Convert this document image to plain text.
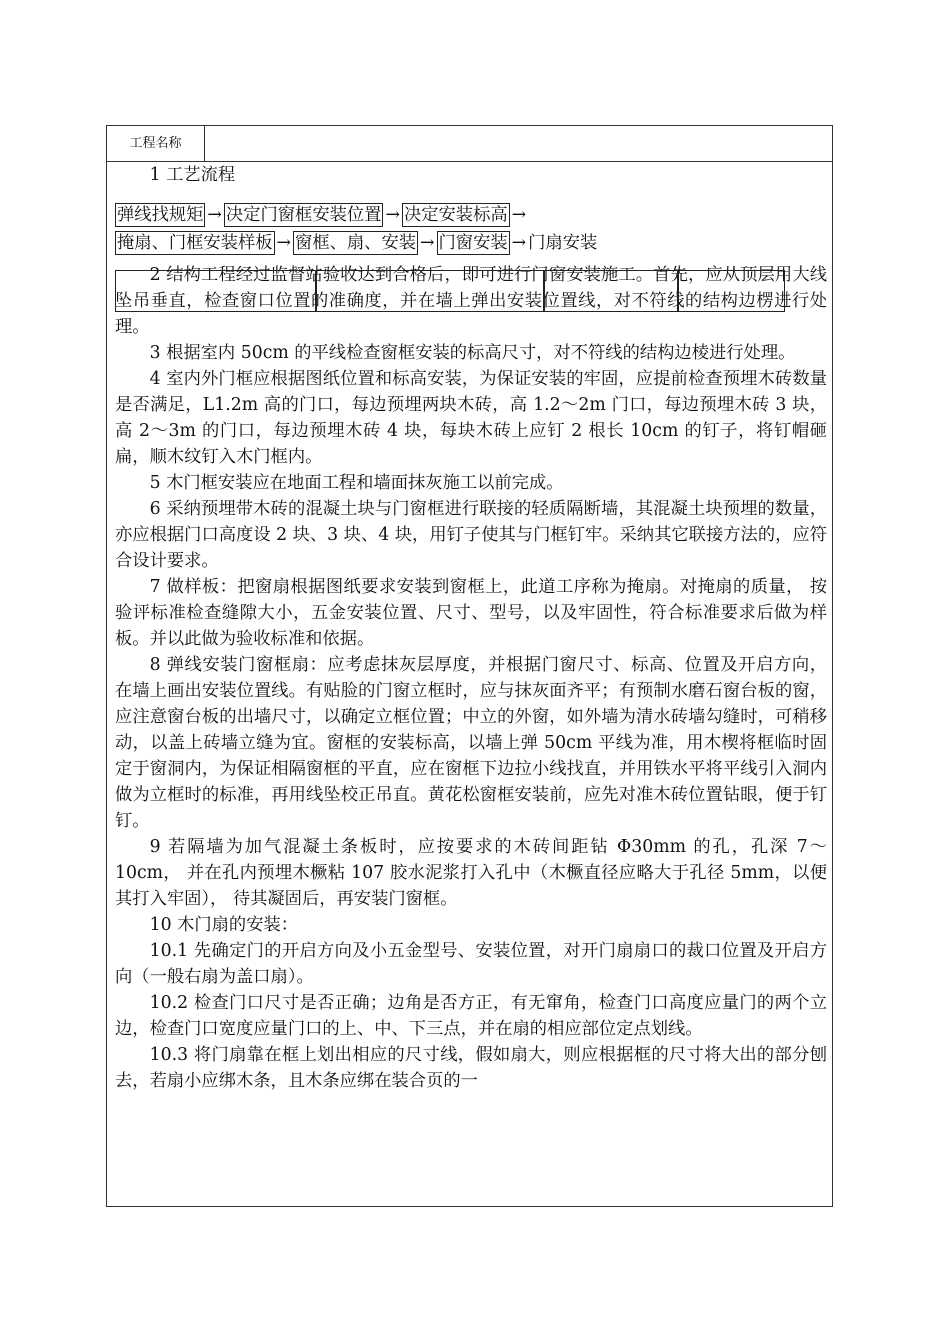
工程名称

1 工艺流程

弹线找规矩 → 决定门窗框安装位置 → 决定安装标高 →
掩扇、门框安装样板 → 窗框、扇、安装 → 门窗安装 → 门扇安装

2 结构工程经过监督站验收达到合格后，即可进行门窗安装施工。首先，应从顶层用大线坠吊垂直，检查窗口位置的准确度，并在墙上弹出安装位置线，对不符线的结构边楞进行处理。

3 根据室内 50cm 的平线检查窗框安装的标高尺寸，对不符线的结构边棱进行处理。

4 室内外门框应根据图纸位置和标高安装，为保证安装的牢固，应提前检查预埋木砖数量是否满足，L1.2m 高的门口，每边预埋两块木砖，高 1.2～2m 门口，每边预埋木砖 3 块，高 2～3m 的门口，每边预埋木砖 4 块，每块木砖上应钉 2 根长 10cm 的钉子，将钉帽砸扁，顺木纹钉入木门框内。

5 木门框安装应在地面工程和墙面抹灰施工以前完成。

6 采纳预埋带木砖的混凝土块与门窗框进行联接的轻质隔断墙，其混凝土块预埋的数量，亦应根据门口高度设 2 块、3 块、4 块，用钉子使其与门框钉牢。采纳其它联接方法的，应符合设计要求。

7 做样板：把窗扇根据图纸要求安装到窗框上，此道工序称为掩扇。对掩扇的质量， 按验评标准检查缝隙大小，五金安装位置、尺寸、型号，以及牢固性，符合标准要求后做为样板。并以此做为验收标准和依据。

8 弹线安装门窗框扇：应考虑抹灰层厚度，并根据门窗尺寸、标高、位置及开启方向， 在墙上画出安装位置线。有贴脸的门窗立框时，应与抹灰面齐平；有预制水磨石窗台板的窗，应注意窗台板的出墙尺寸，以确定立框位置；中立的外窗，如外墙为清水砖墙勾缝时，可稍移动，以盖上砖墙立缝为宜。窗框的安装标高，以墙上弹 50cm 平线为准，用木楔将框临时固定于窗洞内，为保证相隔窗框的平直，应在窗框下边拉小线找直，并用铁水平将平线引入洞内做为立框时的标准，再用线坠校正吊直。黄花松窗框安装前，应先对准木砖位置钻眼，便于钉钉。

9 若隔墙为加气混凝土条板时，应按要求的木砖间距钻 Φ30mm 的孔，孔深 7～10cm， 并在孔内预埋木橛粘 107 胶水泥浆打入孔中（木橛直径应略大于孔径 5mm，以便其打入牢固）， 待其凝固后，再安装门窗框。

10 木门扇的安装：

10.1 先确定门的开启方向及小五金型号、安装位置，对开门扇扇口的裁口位置及开启方向（一般右扇为盖口扇）。

10.2 检查门口尺寸是否正确；边角是否方正，有无窜角，检查门口高度应量门的两个立边，检查门口宽度应量门口的上、中、下三点，并在扇的相应部位定点划线。

10.3 将门扇靠在框上划出相应的尺寸线，假如扇大，则应根据框的尺寸将大出的部分刨去，若扇小应绑木条，且木条应绑在装合页的一
